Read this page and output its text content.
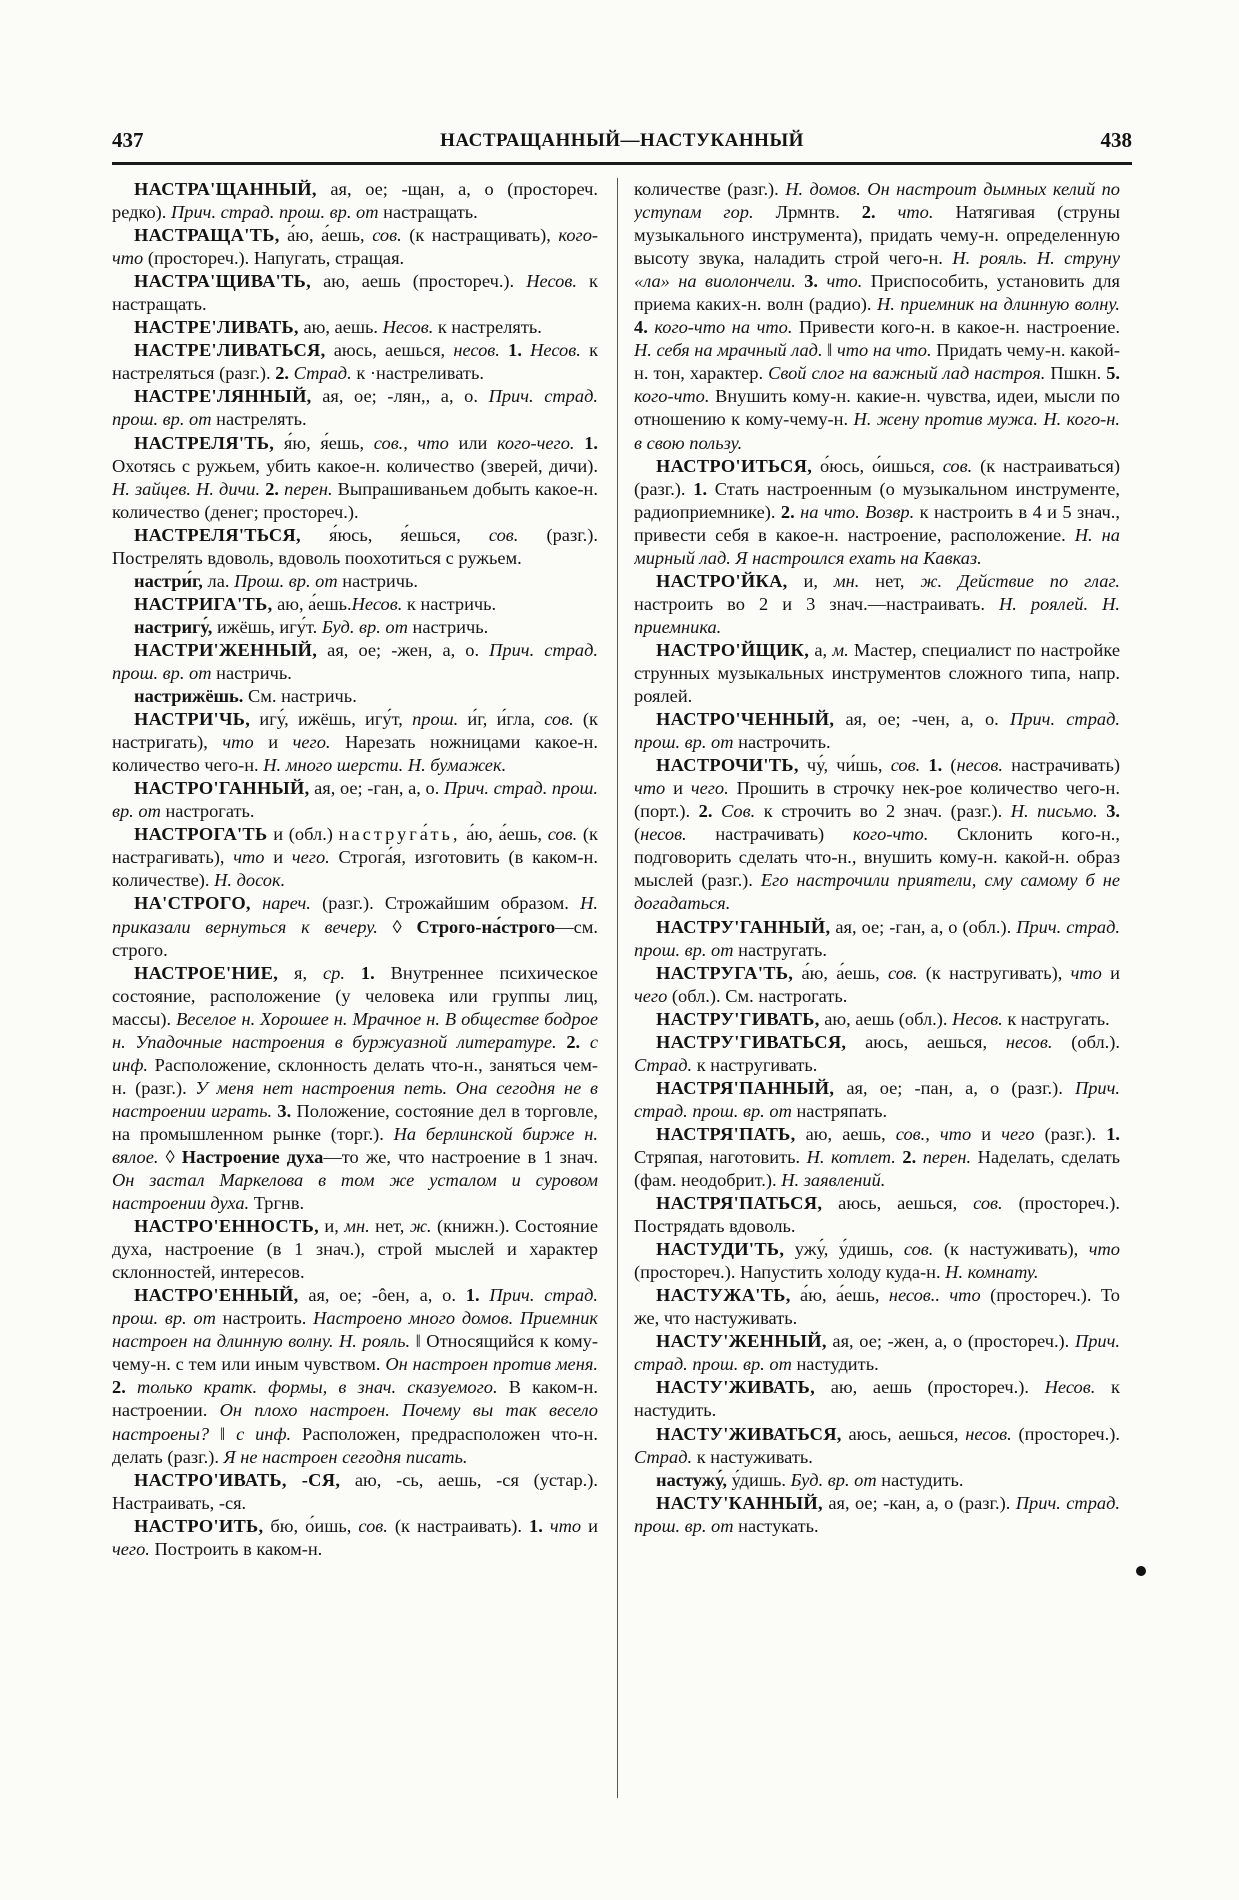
437	НАСТРАЩАННЫЙ—НАСТУКАННЫЙ	438

НАСТРА'ЩАННЫЙ, ая, ое; -щан, а, о (простореч. редко). Прич. страд. прош. вр. от настращать.

НАСТРАЩА'ТЬ, а́ю, а́ешь, сов. (к настращивать), кого-что (простореч.). Напугать, стращая.

НАСТРА'ЩИВА'ТЬ, аю, аешь (простореч.). Несов. к настращать.

НАСТРЕ'ЛИВАТЬ, аю, аешь. Несов. к настрелять.

НАСТРЕ'ЛИВАТЬСЯ, аюсь, аешься, несов. 1. Несов. к настреляться (разг.). 2. Страд. к ·настреливать.

НАСТРЕ'ЛЯННЫЙ, ая, ое; -лян,, а, о. Прич. страд. прош. вр. от настрелять.

НАСТРЕЛЯ'ТЬ, я́ю, я́ешь, сов., что или кого-чего. 1. Охотясь с ружьем, убить какое-н. количество (зверей, дичи). Н. зайцев. Н. дичи. 2. перен. Выпрашиваньем добыть какое-н. количество (денег; простореч.).

НАСТРЕЛЯ'ТЬСЯ, я́юсь, я́ешься, сов. (разг.). Пострелять вдоволь, вдоволь поохотиться с ружьем.

настри́г, ла. Прош. вр. от настричь.

НАСТРИГА'ТЬ, аю, а́ешь.Несов. к настричь.

настригу́, ижёшь, игу́т. Буд. вр. от настричь.

НАСТРИ'ЖЕННЫЙ, ая, ое; -жен, а, о. Прич. страд. прош. вр. от настричь.

настрижёшь. См. настричь.

НАСТРИ'ЧЬ, игу́, ижёшь, игу́т, прош. и́г, и́гла, сов. (к настригать), что и чего. Нарезать ножницами какое-н. количество чего-н. Н. много шерсти. Н. бумажек.

НАСТРО'ГАННЫЙ, ая, ое; -ган, а, о. Прич. страд. прош. вр. от настрогать.

НАСТРОГА'ТЬ и (обл.) наструга́ть, а́ю, а́ешь, сов. (к настрагивать), что и чего. Строга́я, изготовить (в каком-н. количестве). Н. досок.

НА'СТРОГО, нареч. (разг.). Строжайшим образом. Н. приказали вернуться к вечеру. ◊ Строго-на́строго—см. строго.

НАСТРОЕ'НИЕ, я, ср. 1. Внутреннее психическое состояние, расположение (у человека или группы лиц, массы). Веселое н. Хорошее н. Мрачное н. В обществе бодрое н. Упадочные настроения в буржуазной литературе. 2. с инф. Расположение, склонность делать что-н., заняться чем-н. (разг.). У меня нет настроения петь. Она сегодня не в настроении играть. 3. Положение, состояние дел в торговле, на промышленном рынке (торг.). На берлинской бирже н. вялое. ◊ Настроение духа—то же, что настроение в 1 знач. Он застал Маркелова в том же усталом и суровом настроении духа. Тргнв.

НАСТРО'ЕННОСТЬ, и, мн. нет, ж. (книжн.). Состояние духа, настроение (в 1 знач.), строй мыслей и характер склонностей, интересов.

НАСТРО'ЕННЫЙ, ая, ое; -ôен, а, о. 1. Прич. страд. прош. вр. от настроить. Настроено много домов. Приемник настроен на длинную волну. Н. рояль. ‖ Относящийся к кому-чему-н. с тем или иным чувством. Он настроен против меня. 2. только кратк. формы, в знач. сказуемого. В каком-н. настроении. Он плохо настроен. Почему вы так весело настроены? ‖ с инф. Расположен, предрасположен что-н. делать (разг.). Я не настроен сегодня писать.

НАСТРО'ИВАТЬ, -СЯ, аю, -сь, аешь, -ся (устар.). Настраивать, -ся.

НАСТРО'ИТЬ, бю, о́ишь, сов. (к настраивать). 1. что и чего. Построить в каком-н.

количестве (разг.). Н. домов. Он настроит дымных келий по уступам гор. Лрмнтв. 2. что. Натягивая (струны музыкального инструмента), придать чему-н. определенную высоту звука, наладить строй чего-н. Н. рояль. Н. струну «ла» на виолончели. 3. что. Приспособить, установить для приема каких-н. волн (радио). Н. приемник на длинную волну. 4. кого-что на что. Привести кого-н. в какое-н. настроение. Н. себя на мрачный лад. ‖ что на что. Придать чему-н. какой-н. тон, характер. Свой слог на важный лад настроя. Пшкн. 5. кого-что. Внушить кому-н. какие-н. чувства, идеи, мысли по отношению к кому-чему-н. Н. жену против мужа. Н. кого-н. в свою пользу.

НАСТРО'ИТЬСЯ, о́юсь, о́ишься, сов. (к настраиваться) (разг.). 1. Стать настроенным (о музыкальном инструменте, радиоприемнике). 2. на что. Возвр. к настроить в 4 и 5 знач., привести себя в какое-н. настроение, расположение. Н. на мирный лад. Я настроился ехать на Кавказ.

НАСТРО'ЙКА, и, мн. нет, ж. Действие по глаг. настроить во 2 и 3 знач.—настраивать. Н. роялей. Н. приемника.

НАСТРО'ЙЩИК, а, м. Мастер, специалист по настройке струнных музыкальных инструментов сложного типа, напр. роялей.

НАСТРО'ЧЕННЫЙ, ая, ое; -чен, а, о. Прич. страд. прош. вр. от настрочить.

НАСТРОЧИ'ТЬ, чу́, чи́шь, сов. 1. (несов. настрачивать) что и чего. Прошить в строчку нек-рое количество чего-н. (порт.). 2. Сов. к строчить во 2 знач. (разг.). Н. письмо. 3. (несов. настрачивать) кого-что. Склонить кого-н., подговорить сделать что-н., внушить кому-н. какой-н. образ мыслей (разг.). Его настрочили приятели, сму самому б не догадаться.

НАСТРУ'ГАННЫЙ, ая, ое; -ган, а, о (обл.). Прич. страд. прош. вр. от настругать.

НАСТРУГА'ТЬ, а́ю, а́ешь, сов. (к настругивать), что и чего (обл.). См. настрогать.

НАСТРУ'ГИВАТЬ, аю, аешь (обл.). Несов. к настругать.

НАСТРУ'ГИВАТЬСЯ, аюсь, аешься, несов. (обл.). Страд. к настругивать.

НАСТРЯ'ПАННЫЙ, ая, ое; -пан, а, о (разг.). Прич. страд. прош. вр. от настряпать.

НАСТРЯ'ПАТЬ, аю, аешь, сов., что и чего (разг.). 1. Стряпая, наготовить. Н. котлет. 2. перен. Наделать, сделать (фам. неодобрит.). Н. заявлений.

НАСТРЯ'ПАТЬСЯ, аюсь, аешься, сов. (простореч.). Пострядать вдоволь.

НАСТУДИ'ТЬ, ужу́, у́дишь, сов. (к настуживать), что (простореч.). Напустить холоду куда-н. Н. комнату.

НАСТУЖА'ТЬ, а́ю, а́ешь, несов.. что (простореч.). То же, что настуживать.

НАСТУ'ЖЕННЫЙ, ая, ое; -жен, а, о (простореч.). Прич. страд. прош. вр. от настудить.

НАСТУ'ЖИВАТЬ, аю, аешь (простореч.). Несов. к настудить.

НАСТУ'ЖИВАТЬСЯ, аюсь, аешься, несов. (простореч.). Страд. к настуживать.

настужу́, у́дишь. Буд. вр. от настудить.

НАСТУ'КАННЫЙ, ая, ое; -кан, а, о (разг.). Прич. страд. прош. вр. от настукать.
